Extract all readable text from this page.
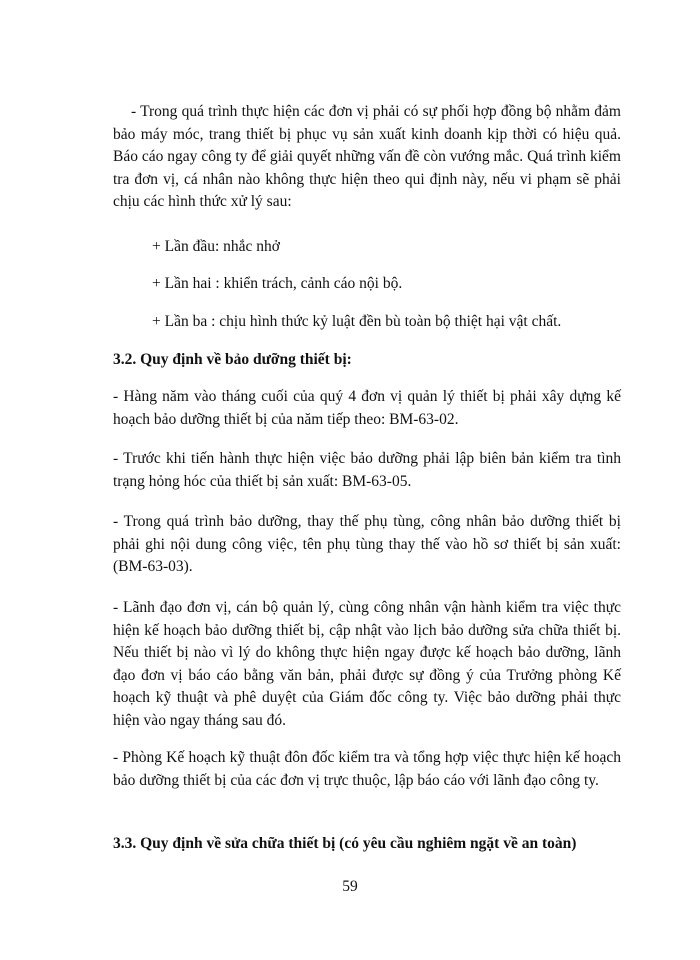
- Trong quá trình thực hiện các đơn vị phải có sự phối hợp đồng bộ nhằm đảm bảo máy móc, trang thiết bị phục vụ sản xuất kinh doanh kịp thời có hiệu quả. Báo cáo ngay công ty để giải quyết những vấn đề còn vướng mắc. Quá trình kiểm tra đơn vị, cá nhân nào không thực hiện theo qui định này, nếu vi phạm sẽ phải chịu các hình thức xử lý sau:

+ Lần đầu: nhắc nhở

+ Lần hai : khiển trách, cảnh cáo nội bộ.

+ Lần ba : chịu hình thức kỷ luật đền bù toàn bộ thiệt hại vật chất.

3.2. Quy định về bảo dưỡng thiết bị:

- Hàng năm vào tháng cuối của quý 4 đơn vị quản lý thiết bị phải xây dựng kế hoạch bảo dưỡng thiết bị của năm tiếp theo: BM-63-02.

- Trước khi tiến hành thực hiện việc bảo dưỡng phải lập biên bản kiểm tra tình trạng hỏng hóc của thiết bị sản xuất: BM-63-05.

- Trong quá trình bảo dưỡng, thay thế phụ tùng, công nhân bảo dưỡng thiết bị phải ghi nội dung công việc, tên phụ tùng thay thế vào hồ sơ thiết bị sản xuất: (BM-63-03).

- Lãnh đạo đơn vị, cán bộ quản lý, cùng công nhân vận hành kiểm tra việc thực hiện kế hoạch bảo dưỡng thiết bị, cập nhật vào lịch bảo dưỡng sửa chữa thiết bị. Nếu thiết bị nào vì lý do không thực hiện ngay được kế hoạch bảo dưỡng, lãnh đạo đơn vị báo cáo bằng văn bản, phải được sự đồng ý của Trưởng phòng Kế hoạch kỹ thuật và phê duyệt của Giám đốc công ty. Việc bảo dưỡng phải thực hiện vào ngay tháng sau đó.

- Phòng Kế hoạch kỹ thuật đôn đốc kiểm tra và tổng hợp việc thực hiện kế hoạch bảo dưỡng thiết bị của các đơn vị trực thuộc, lập báo cáo với lãnh đạo công ty.

3.3. Quy định về sửa chữa thiết bị (có yêu cầu nghiêm ngặt về an toàn)

59
